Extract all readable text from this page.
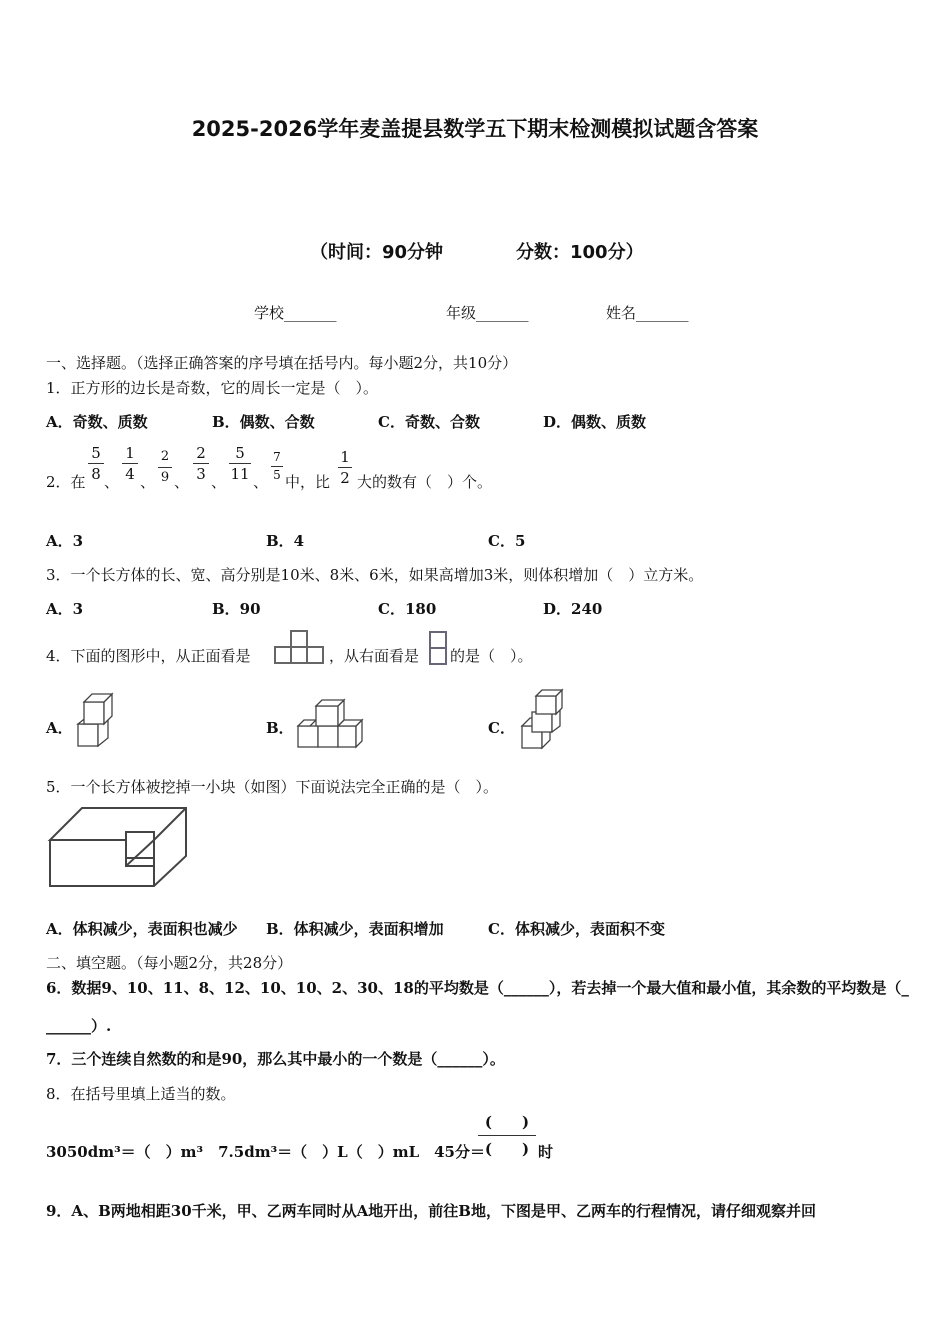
2025-2026学年麦盖提县数学五下期末检测模拟试题含答案
（时间：90分钟	分数：100分）
学校_______	年级_______	姓名_______
一、选择题。（选择正确答案的序号填在括号内。每小题2分，共10分）
1．正方形的边长是奇数，它的周长一定是（　）。
A．奇数、质数	B．偶数、合数	C．奇数、合数	D．偶数、质数
2．在
5
8 、
1
4 、
2
9 、
2
3 、
5
11 、
7
5 中，比
1
2 大的数有（　）个。
A．3	B．4	C．5
3．一个长方体的长、宽、高分别是10米、8米、6米，如果高增加3米，则体积增加（　）立方米。
A．3	B．90	C．180	D．240
4．下面的图形中，从正面看是	，从右面看是 的是（　）。
A．	B．	C．
5．一个长方体被挖掉一小块（如图）下面说法完全正确的是（　）。
A．体积减少，表面积也减少 B．体积减少，表面积增加	C．体积减少，表面积不变
二、填空题。（每小题2分，共28分）
6．数据9、10、11、8、12、10、10、2、30、18的平均数是（______），若去掉一个最大值和最小值，其余数的平均数是（_
______）.
7．三个连续自然数的和是90，那么其中最小的一个数是（______）。
8．在括号里填上适当的数。
3050dm³＝（　）m³　7.5dm³＝（　）L（　）mL　45分＝
(　　)
(　　) 时
9．A、B两地相距30千米，甲、乙两车同时从A地开出，前往B地，下图是甲、乙两车的行程情况，请仔细观察并回
